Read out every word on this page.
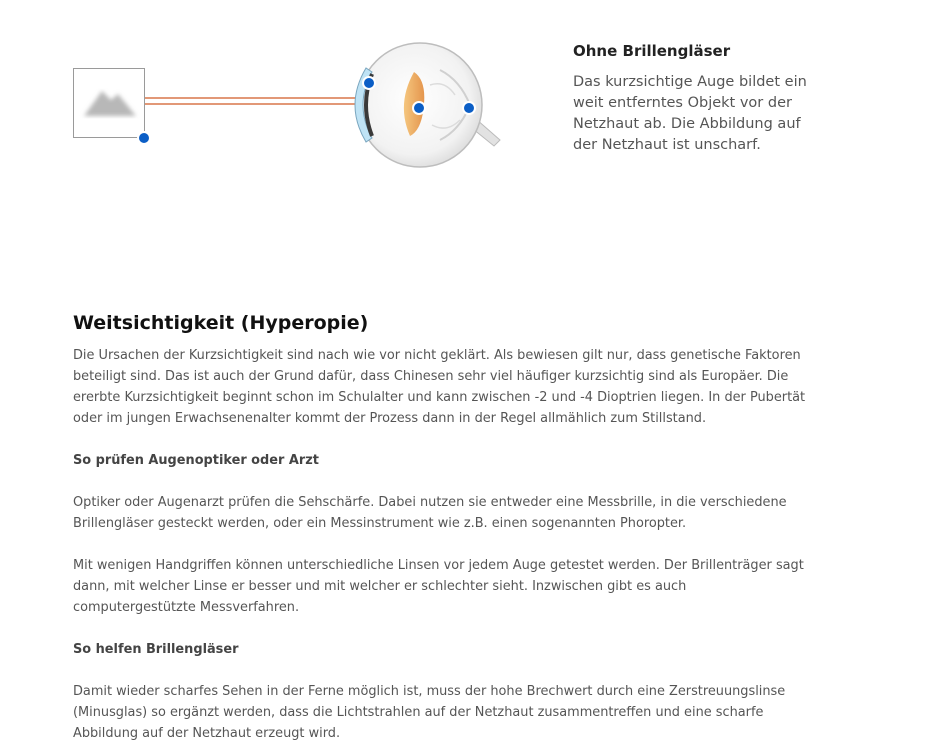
Ohne Brillengläser

Das kurzsichtige Auge bildet ein weit entferntes Objekt vor der Netzhaut ab. Die Abbildung auf der Netzhaut ist unscharf.

Weitsichtigkeit (Hyperopie)

Die Ursachen der Kurzsichtigkeit sind nach wie vor nicht geklärt. Als bewiesen gilt nur, dass genetische Faktoren beteiligt sind. Das ist auch der Grund dafür, dass Chinesen sehr viel häufiger kurzsichtig sind als Europäer. Die ererbte Kurzsichtigkeit beginnt schon im Schulalter und kann zwischen -2 und -4 Dioptrien liegen. In der Pubertät oder im jungen Erwachsenenalter kommt der Prozess dann in der Regel allmählich zum Stillstand.

So prüfen Augenoptiker oder Arzt

Optiker oder Augenarzt prüfen die Sehschärfe. Dabei nutzen sie entweder eine Messbrille, in die verschiedene Brillengläser gesteckt werden, oder ein Messinstrument wie z.B. einen sogenannten Phoropter.

Mit wenigen Handgriffen können unterschiedliche Linsen vor jedem Auge getestet werden. Der Brillenträger sagt dann, mit welcher Linse er besser und mit welcher er schlechter sieht. Inzwischen gibt es auch computergestützte Messverfahren.

So helfen Brillengläser

Damit wieder scharfes Sehen in der Ferne möglich ist, muss der hohe Brechwert durch eine Zerstreuungslinse (Minusglas) so ergänzt werden, dass die Lichtstrahlen auf der Netzhaut zusammentreffen und eine scharfe Abbildung auf der Netzhaut erzeugt wird.
